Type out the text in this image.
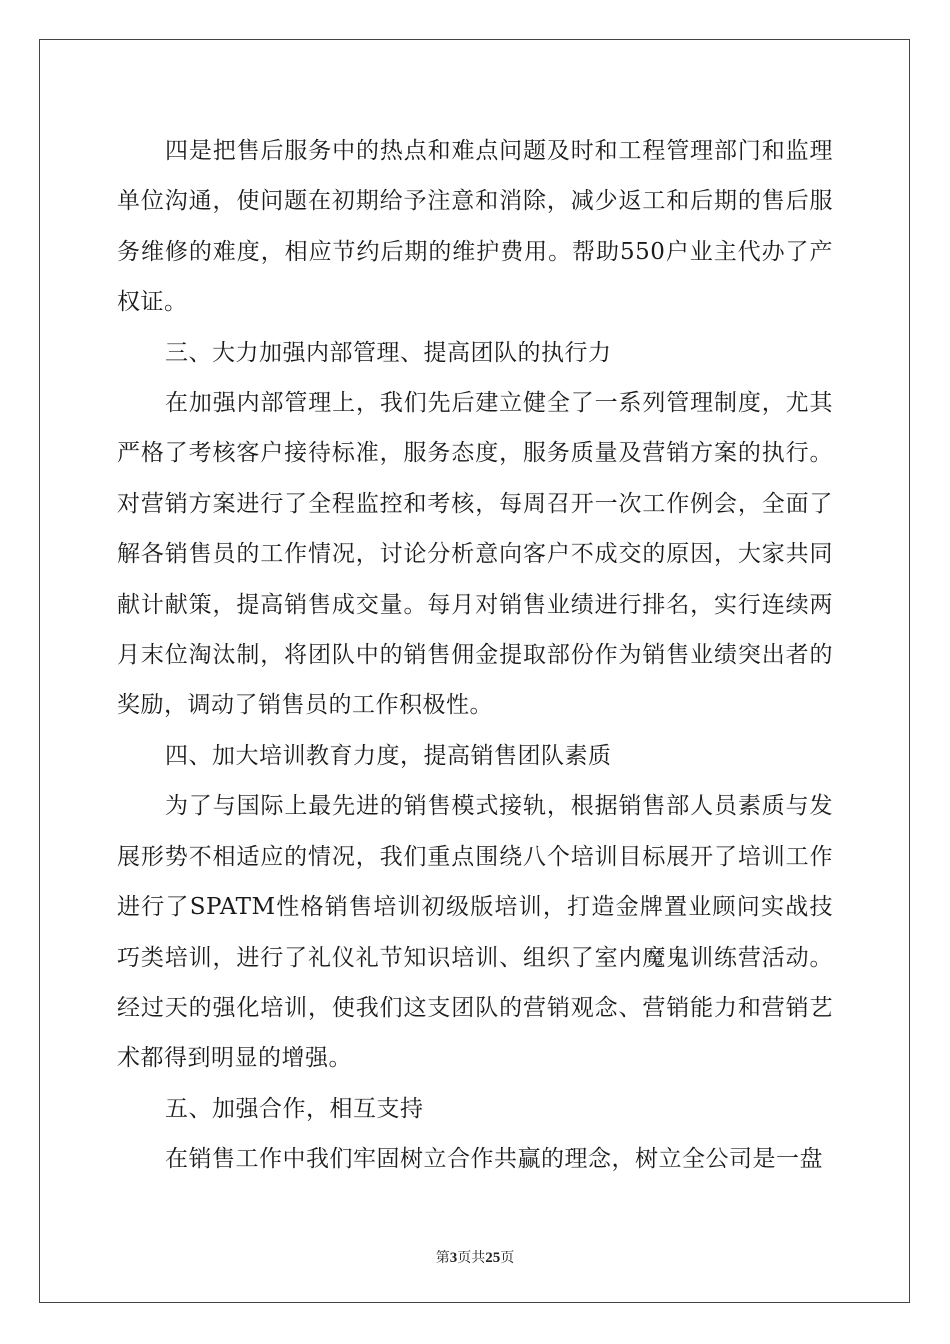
四是把售后服务中的热点和难点问题及时和工程管理部门和监理单位沟通，使问题在初期给予注意和消除，减少返工和后期的售后服务维修的难度，相应节约后期的维护费用。帮助550户业主代办了产权证。

三、大力加强内部管理、提高团队的执行力

在加强内部管理上，我们先后建立健全了一系列管理制度，尤其严格了考核客户接待标准，服务态度，服务质量及营销方案的执行。对营销方案进行了全程监控和考核，每周召开一次工作例会，全面了解各销售员的工作情况，讨论分析意向客户不成交的原因，大家共同献计献策，提高销售成交量。每月对销售业绩进行排名，实行连续两月末位淘汰制，将团队中的销售佣金提取部份作为销售业绩突出者的奖励，调动了销售员的工作积极性。

四、加大培训教育力度，提高销售团队素质

为了与国际上最先进的销售模式接轨，根据销售部人员素质与发展形势不相适应的情况，我们重点围绕八个培训目标展开了培训工作进行了SPATM性格销售培训初级版培训，打造金牌置业顾问实战技巧类培训，进行了礼仪礼节知识培训、组织了室内魔鬼训练营活动。经过天的强化培训，使我们这支团队的营销观念、营销能力和营销艺术都得到明显的增强。

五、加强合作，相互支持

在销售工作中我们牢固树立合作共赢的理念，树立全公司是一盘

第3页共25页
